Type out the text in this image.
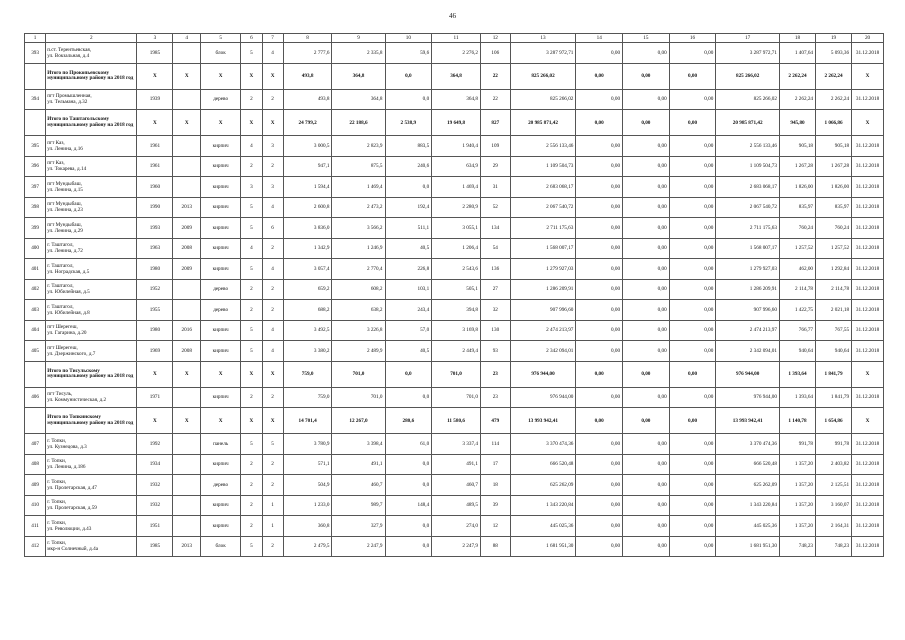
46
1	2	3	4	5	6	7	8	9	10	11	12	13	14	15	16	17	18	19	20
393	п.ст. Терентьевская,
ул. Вокзальная, д.4	1985		блок	5	4	2 777,6	2 335,8	59,6	2 276,2	106	3 287 972,71	0,00	0,00	0,00	3 287 972,71	1 407,64	5 093,36	31.12.2018
	Итого по Прокопьевскому муниципальному району на 2018 год	X	X	X	X	X	493,8	364,8	0,0	364,8	22	825 266,02	0,00	0,00	0,00	825 266,02	2 262,24	2 262,24	X
394	пгт Промышленная,
ул. Тельмана, д.32	1939		дерево	2	2	493,8	364,8	0,0	364,8	22	825 266,02	0,00	0,00	0,00	825 266,02	2 262,24	2 262,24	31.12.2018
	Итого по Таштагольскому муниципальному району на 2018 год	X	X	X	X	X	24 799,2	22 188,6	2 538,9	19 649,8	827	20 985 871,42	0,00	0,00	0,00	20 985 871,42	945,80	1 066,86	X
395	пгт Каз,
ул. Ленина, д.16	1961		кирпич	4	3	3 000,5	2 823,9	883,5	1 940,4	109	2 556 133,46	0,00	0,00	0,00	2 556 133,46	905,18	905,18	31.12.2018
396	пгт Каз,
ул. Токарева, д.14	1961		кирпич	2	2	947,1	875,5	240,6	634,9	29	1 109 504,73	0,00	0,00	0,00	1 109 504,73	1 267,28	1 267,28	31.12.2018
397	пгт Мундыбаш,
ул. Ленина, д.15	1960		кирпич	3	3	1 594,4	1 469,4	0,0	1 469,4	31	2 683 068,17	0,00	0,00	0,00	2 683 068,17	1 826,00	1 826,00	31.12.2018
398	пгт Мундыбаш,
ул. Ленина, д.23	1990	2013	кирпич	5	4	2 600,8	2 473,2	192,4	2 280,9	52	2 067 540,72	0,00	0,00	0,00	2 067 540,72	835,97	835,97	31.12.2018
399	пгт Мундыбаш,
ул. Ленина, д.29	1993	2009	кирпич	5	6	3 836,0	3 566,2	511,1	3 055,1	134	2 711 175,63	0,00	0,00	0,00	2 711 175,63	760,24	760,24	31.12.2018
400	г. Таштагол,
ул. Ленина, д.72	1963	2008	кирпич	4	2	1 342,9	1 246,9	40,5	1 206,4	54	1 568 007,17	0,00	0,00	0,00	1 568 007,17	1 257,52	1 257,52	31.12.2018
401	г. Таштагол,
ул. Ноградская, д.5	1980	2009	кирпич	5	4	3 057,4	2 770,4	226,8	2 543,6	136	1 279 927,03	0,00	0,00	0,00	1 279 927,03	462,00	1 292,84	31.12.2018
402	г. Таштагол,
ул. Юбилейная, д.5	1952		дерево	2	2	659,2	608,2	103,1	505,1	27	1 286 209,91	0,00	0,00	0,00	1 286 209,91	2 114,78	2 114,78	31.12.2018
403	г. Таштагол,
ул. Юбилейная, д.8	1955		дерево	2	2	688,2	638,2	243,4	394,8	32	907 996,60	0,00	0,00	0,00	907 996,60	1 422,75	2 021,18	31.12.2018
404	пгт Шерегеш,
ул. Гагарина, д.20	1980	2016	кирпич	5	4	3 492,5	3 226,8	57,0	3 169,8	130	2 474 213,97	0,00	0,00	0,00	2 474 213,97	766,77	767,55	31.12.2018
405	пгт Шерегеш,
ул. Дзержинского, д.7	1969	2008	кирпич	5	4	3 380,2	2 489,9	40,5	2 449,4	93	2 342 094,01	0,00	0,00	0,00	2 342 094,01	940,64	940,64	31.12.2018
	Итого по Тисульскому муниципальному району на 2018 год	X	X	X	X	X	759,0	701,0	0,0	701,0	23	976 944,00	0,00	0,00	0,00	976 944,00	1 393,64	1 841,79	X
406	пгт Тисуль,
ул. Коммунистическая, д.2	1971		кирпич	2	2	759,0	701,0	0,0	701,0	23	976 944,00	0,00	0,00	0,00	976 944,00	1 393,64	1 841,79	31.12.2018
	Итого по Топкинскому муниципальному району на 2018 год	X	X	X	X	X	14 701,4	12 267,0	280,6	11 580,6	479	13 993 942,41	0,00	0,00	0,00	13 993 942,41	1 140,78	1 654,86	X
407	г. Топки,
ул. Кузнецова, д.3	1992		панель	5	5	3 780,9	3 398,4	61,0	3 337,4	114	3 370 474,36	0,00	0,00	0,00	3 370 474,36	991,78	991,78	31.12.2018
408	г. Топки,
ул. Ленина, д.186	1934		кирпич	2	2	571,1	491,1	0,0	491,1	17	666 520,48	0,00	0,00	0,00	666 520,48	1 357,20	2 403,82	31.12.2018
409	г. Топки,
ул. Пролетарская, д.47	1932		дерево	2	2	504,9	460,7	0,0	460,7	18	625 262,09	0,00	0,00	0,00	625 262,09	1 357,20	2 125,51	31.12.2018
410	г. Топки,
ул. Пролетарская, д.59	1932		кирпич	2	1	1 233,0	989,7	148,4	489,5	39	1 343 220,84	0,00	0,00	0,00	1 343 220,84	1 357,20	3 160,07	31.12.2018
411	г. Топки,
ул. Революции, д.43	1951		кирпич	2	1	360,8	327,9	0,0	274,0	12	445 025,36	0,00	0,00	0,00	445 025,36	1 357,20	2 164,31	31.12.2018
412	г. Топки,
мкр-н Солнечный, д.4а	1985	2013	блок	5	2	2 479,5	2 247,9	0,0	2 247,9	88	1 681 951,30	0,00	0,00	0,00	1 681 951,30	748,23	748,23	31.12.2018
